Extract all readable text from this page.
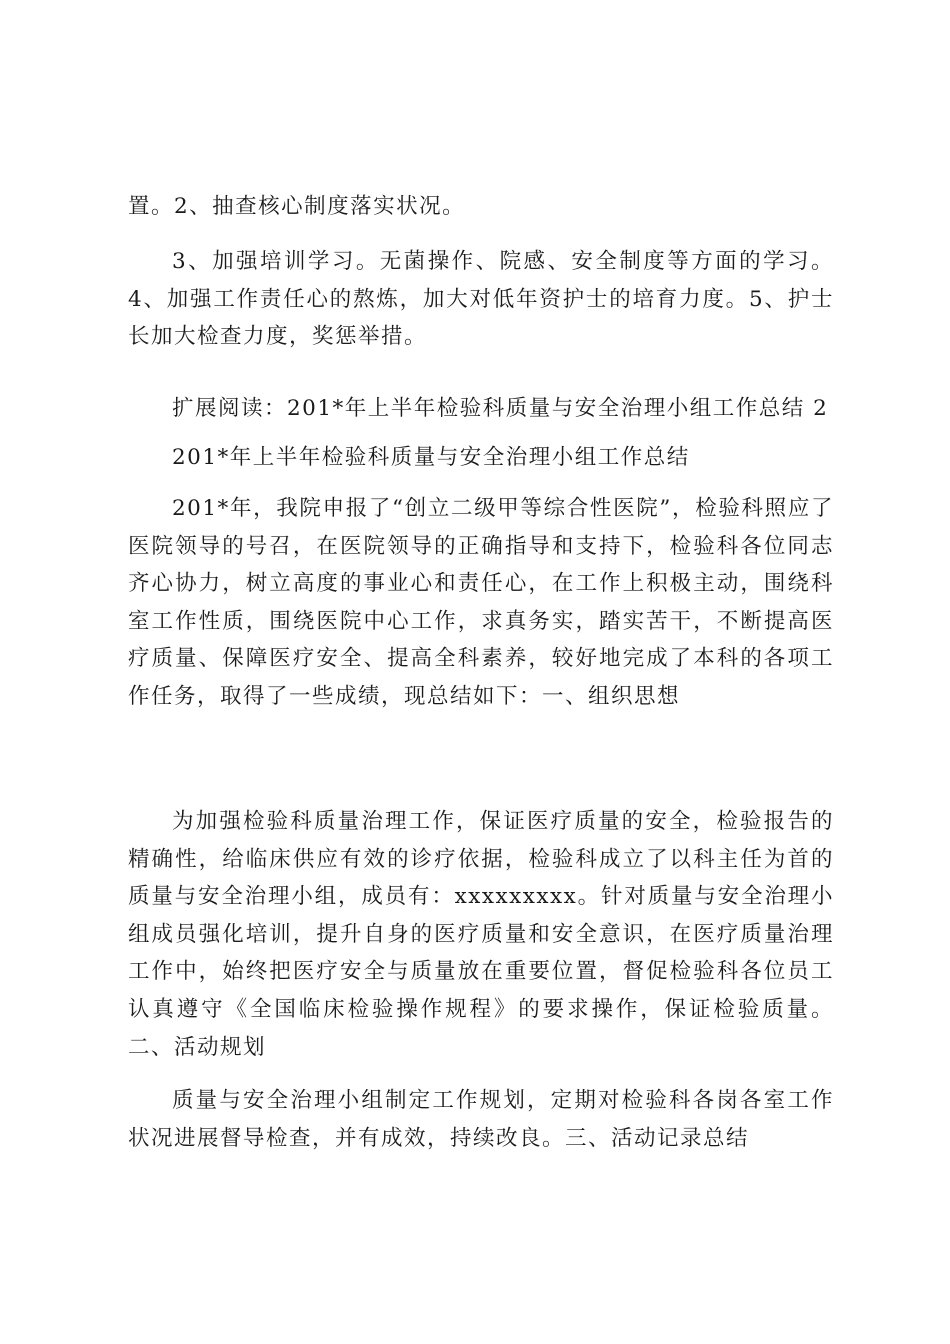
置。2、抽查核心制度落实状况。

3、加强培训学习。无菌操作、院感、安全制度等方面的学习。4、加强工作责任心的熬炼，加大对低年资护士的培育力度。5、护士长加大检查力度，奖惩举措。

扩展阅读：201*年上半年检验科质量与安全治理小组工作总结 2

201*年上半年检验科质量与安全治理小组工作总结

201*年，我院申报了“创立二级甲等综合性医院”，检验科照应了医院领导的号召，在医院领导的正确指导和支持下，检验科各位同志齐心协力，树立高度的事业心和责任心，在工作上积极主动，围绕科室工作性质，围绕医院中心工作，求真务实，踏实苦干，不断提高医疗质量、保障医疗安全、提高全科素养，较好地完成了本科的各项工作任务，取得了一些成绩，现总结如下：一、组织思想

为加强检验科质量治理工作，保证医疗质量的安全，检验报告的精确性，给临床供应有效的诊疗依据，检验科成立了以科主任为首的质量与安全治理小组，成员有：xxxxxxxxx。针对质量与安全治理小组成员强化培训，提升自身的医疗质量和安全意识，在医疗质量治理工作中，始终把医疗安全与质量放在重要位置，督促检验科各位员工认真遵守《全国临床检验操作规程》的要求操作，保证检验质量。二、活动规划

质量与安全治理小组制定工作规划，定期对检验科各岗各室工作状况进展督导检查，并有成效，持续改良。三、活动记录总结
